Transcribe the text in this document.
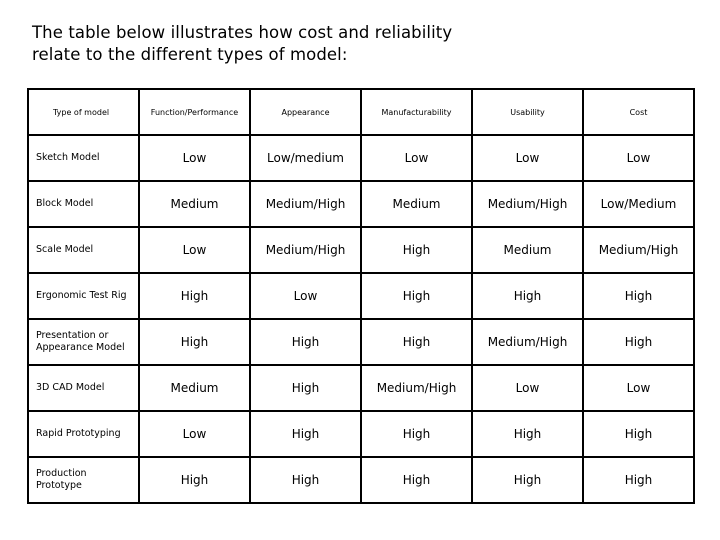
The table below illustrates how cost and reliability
relate to the different types of model:
Type of model	Function/Performance	Appearance	Manufacturability	Usability	Cost
Sketch Model	Low	Low/medium	Low	Low	Low
Block Model	Medium	Medium/High	Medium	Medium/High	Low/Medium
Scale Model	Low	Medium/High	High	Medium	Medium/High
Ergonomic Test Rig	High	Low	High	High	High
Presentation or Appearance Model	High	High	High	Medium/High	High
3D CAD Model	Medium	High	Medium/High	Low	Low
Rapid Prototyping	Low	High	High	High	High
Production Prototype	High	High	High	High	High
